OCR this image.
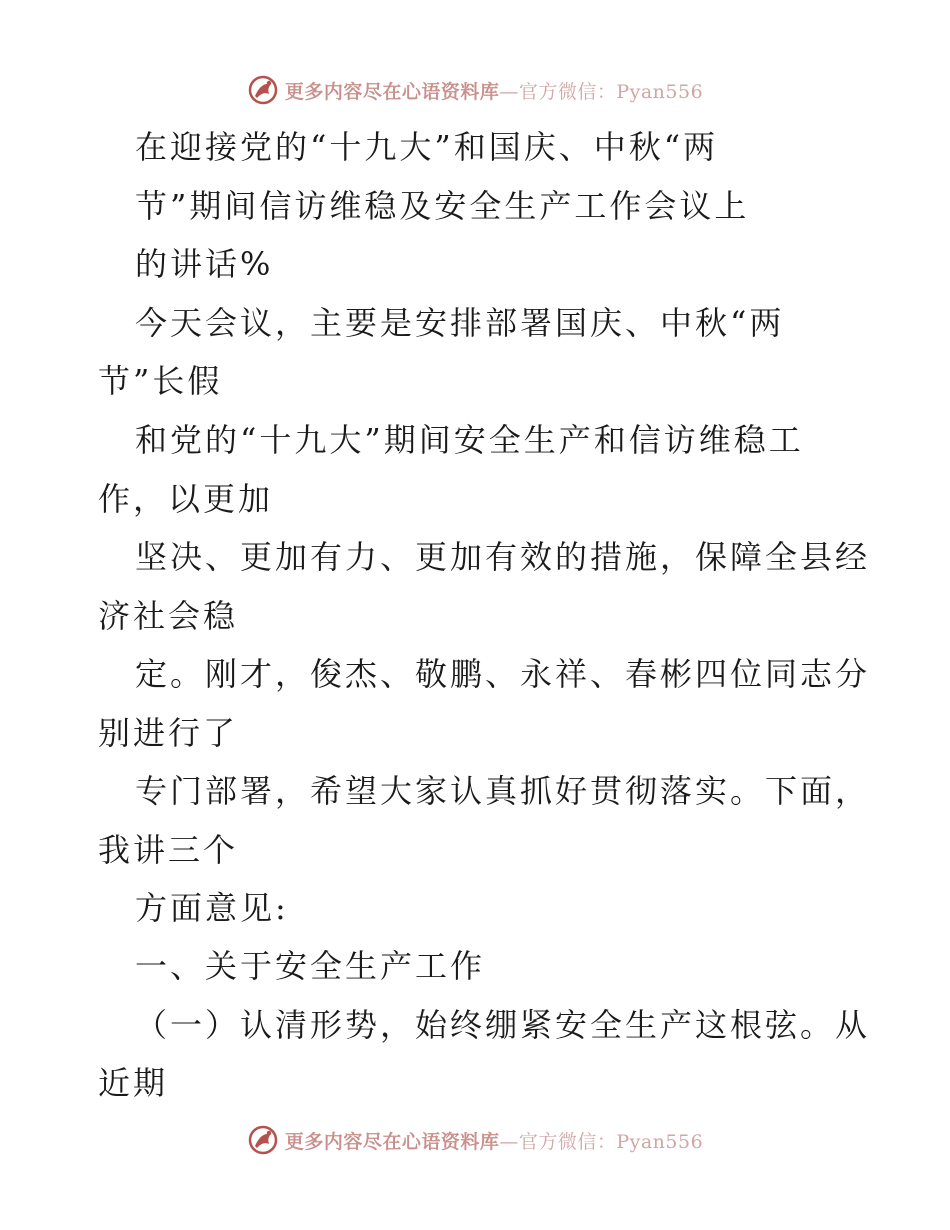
更多内容尽在心语资料库—官方微信：Pyan556
在迎接党的“十九大”和国庆、中秋“两
节”期间信访维稳及安全生产工作会议上
的讲话%
今天会议，主要是安排部署国庆、中秋“两
节”长假
和党的“十九大”期间安全生产和信访维稳工
作，以更加
坚决、更加有力、更加有效的措施，保障全县经
济社会稳
定。刚才，俊杰、敬鹏、永祥、春彬四位同志分
别进行了
专门部署，希望大家认真抓好贯彻落实。下面，
我讲三个
方面意见:
一、关于安全生产工作
（一）认清形势，始终绷紧安全生产这根弦。从
近期
更多内容尽在心语资料库—官方微信：Pyan556
